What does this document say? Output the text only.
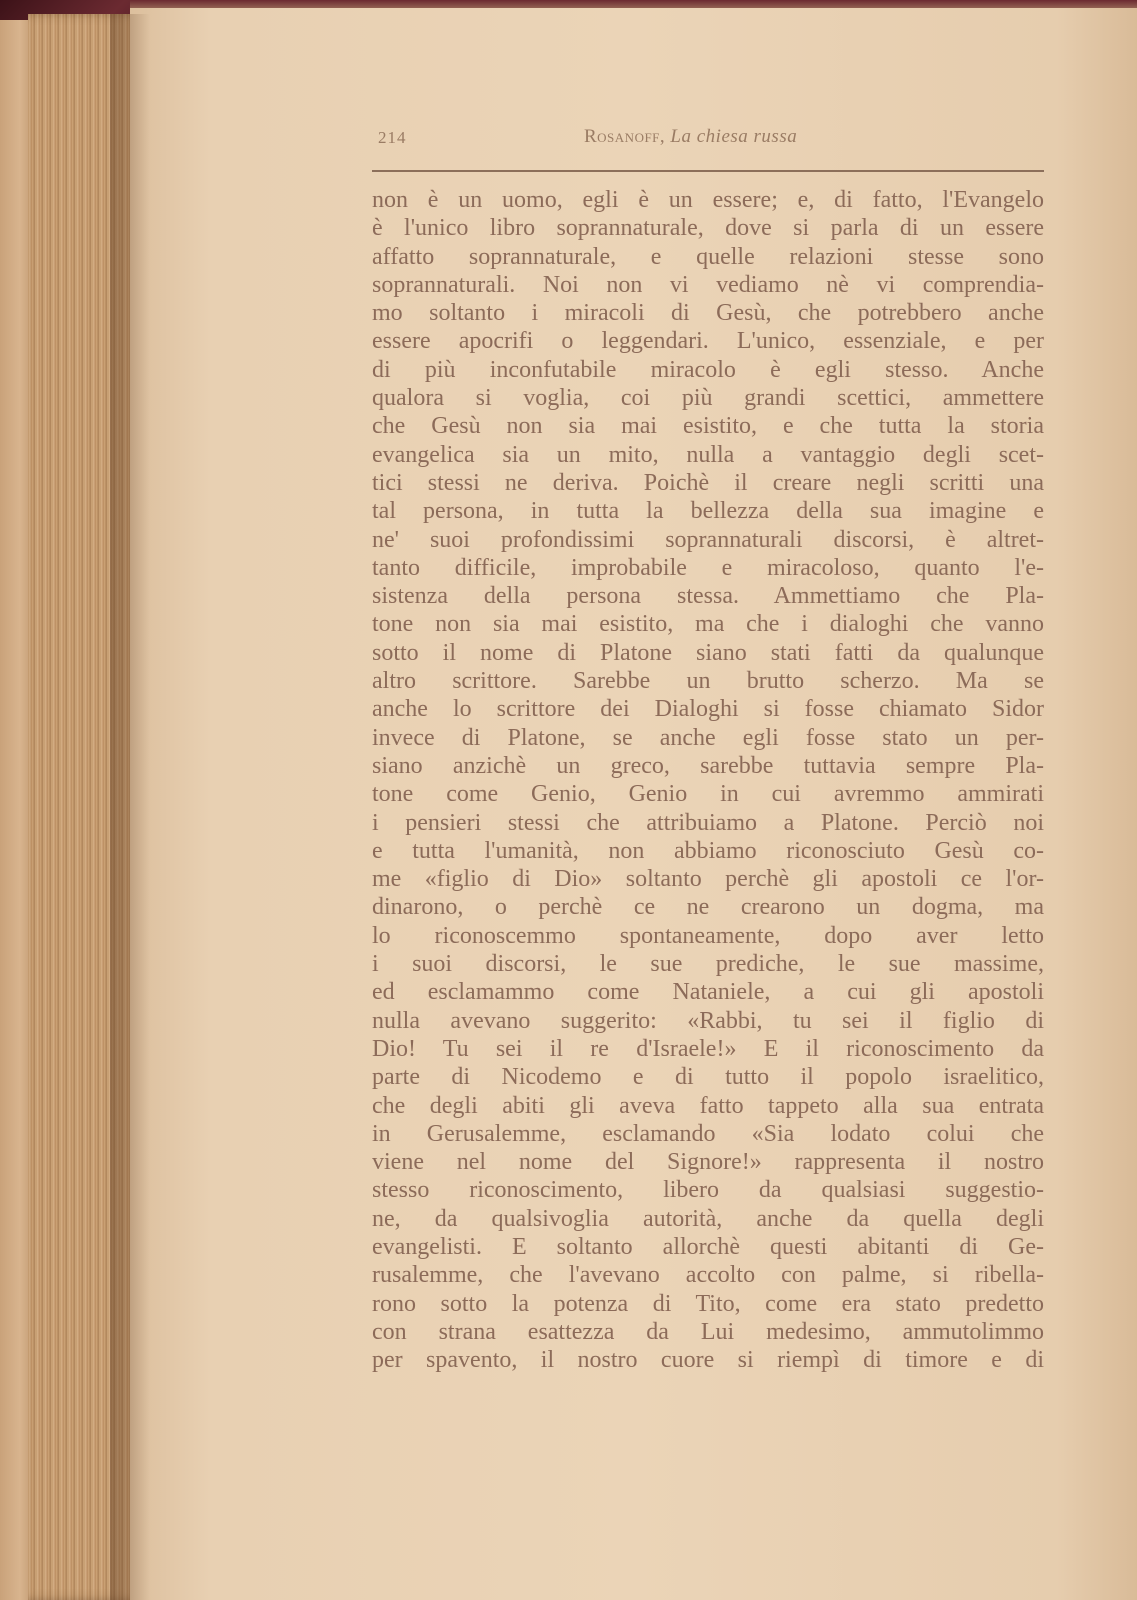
214	Rosanoff, La chiesa russa
non è un uomo, egli è un essere; e, di fatto, l'Evangelo
è l'unico libro soprannaturale, dove si parla di un essere
affatto soprannaturale, e quelle relazioni stesse sono
soprannaturali. Noi non vi vediamo nè vi comprendia-
mo soltanto i miracoli di Gesù, che potrebbero anche
essere apocrifi o leggendari. L'unico, essenziale, e per
di più inconfutabile miracolo è egli stesso. Anche
qualora si voglia, coi più grandi scettici, ammettere
che Gesù non sia mai esistito, e che tutta la storia
evangelica sia un mito, nulla a vantaggio degli scet-
tici stessi ne deriva. Poichè il creare negli scritti una
tal persona, in tutta la bellezza della sua imagine e
ne' suoi profondissimi soprannaturali discorsi, è altret-
tanto difficile, improbabile e miracoloso, quanto l'e-
sistenza della persona stessa. Ammettiamo che Pla-
tone non sia mai esistito, ma che i dialoghi che vanno
sotto il nome di Platone siano stati fatti da qualunque
altro scrittore. Sarebbe un brutto scherzo. Ma se
anche lo scrittore dei Dialoghi si fosse chiamato Sidor
invece di Platone, se anche egli fosse stato un per-
siano anzichè un greco, sarebbe tuttavia sempre Pla-
tone come Genio, Genio in cui avremmo ammirati
i pensieri stessi che attribuiamo a Platone. Perciò noi
e tutta l'umanità, non abbiamo riconosciuto Gesù co-
me «figlio di Dio» soltanto perchè gli apostoli ce l'or-
dinarono, o perchè ce ne crearono un dogma, ma
lo riconoscemmo spontaneamente, dopo aver letto
i suoi discorsi, le sue prediche, le sue massime,
ed esclamammo come Nataniele, a cui gli apostoli
nulla avevano suggerito: «Rabbi, tu sei il figlio di
Dio! Tu sei il re d'Israele!» E il riconoscimento da
parte di Nicodemo e di tutto il popolo israelitico,
che degli abiti gli aveva fatto tappeto alla sua entrata
in Gerusalemme, esclamando «Sia lodato colui che
viene nel nome del Signore!» rappresenta il nostro
stesso riconoscimento, libero da qualsiasi suggestio-
ne, da qualsivoglia autorità, anche da quella degli
evangelisti. E soltanto allorchè questi abitanti di Ge-
rusalemme, che l'avevano accolto con palme, si ribella-
rono sotto la potenza di Tito, come era stato predetto
con strana esattezza da Lui medesimo, ammutolimmo
per spavento, il nostro cuore si riempì di timore e di
